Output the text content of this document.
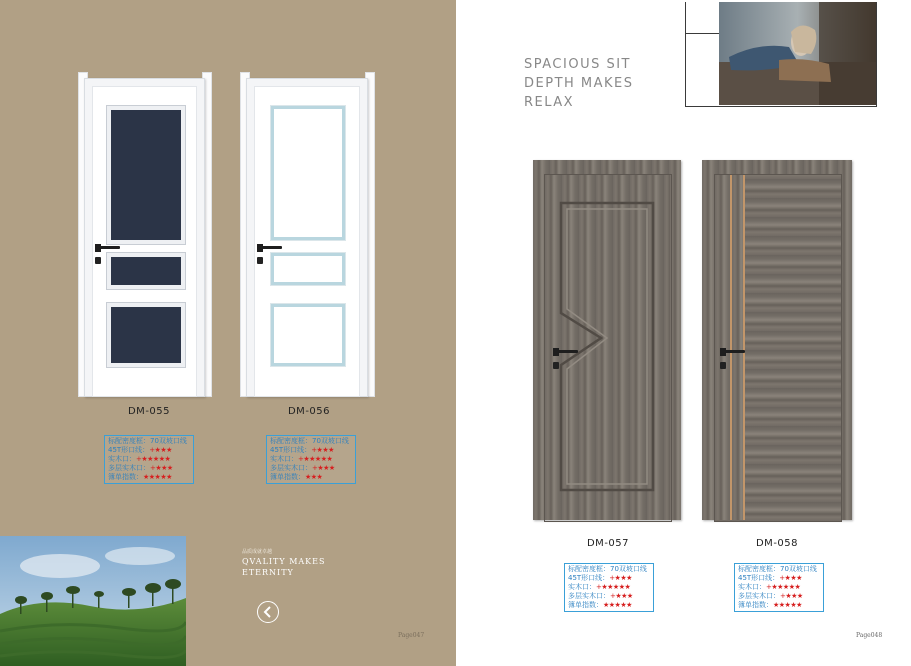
DM-055	DM-056
标配密度框：70双坡口线
45T形口线：+★★★
实木口：+★★★★★
多层实木口：+★★★
簿单指数：★★★★★
标配密度框：70双坡口线
45T形口线：+★★★
实木口：+★★★★★
多层实木口：+★★★
簿单指数：★★★
品质成就卓越
QVALITY MAKES
ETERNITY
Page047
SPACIOUS SIT
DEPTH MAKES
RELAX
DM-057	DM-058
标配密度框：70双坡口线
45T形口线：+★★★
实木口：+★★★★★
多层实木口：+★★★
簿单指数：★★★★★
标配密度框：70双坡口线
45T形口线：+★★★
实木口：+★★★★★
多层实木口：+★★★
簿单指数：★★★★★
Page048
